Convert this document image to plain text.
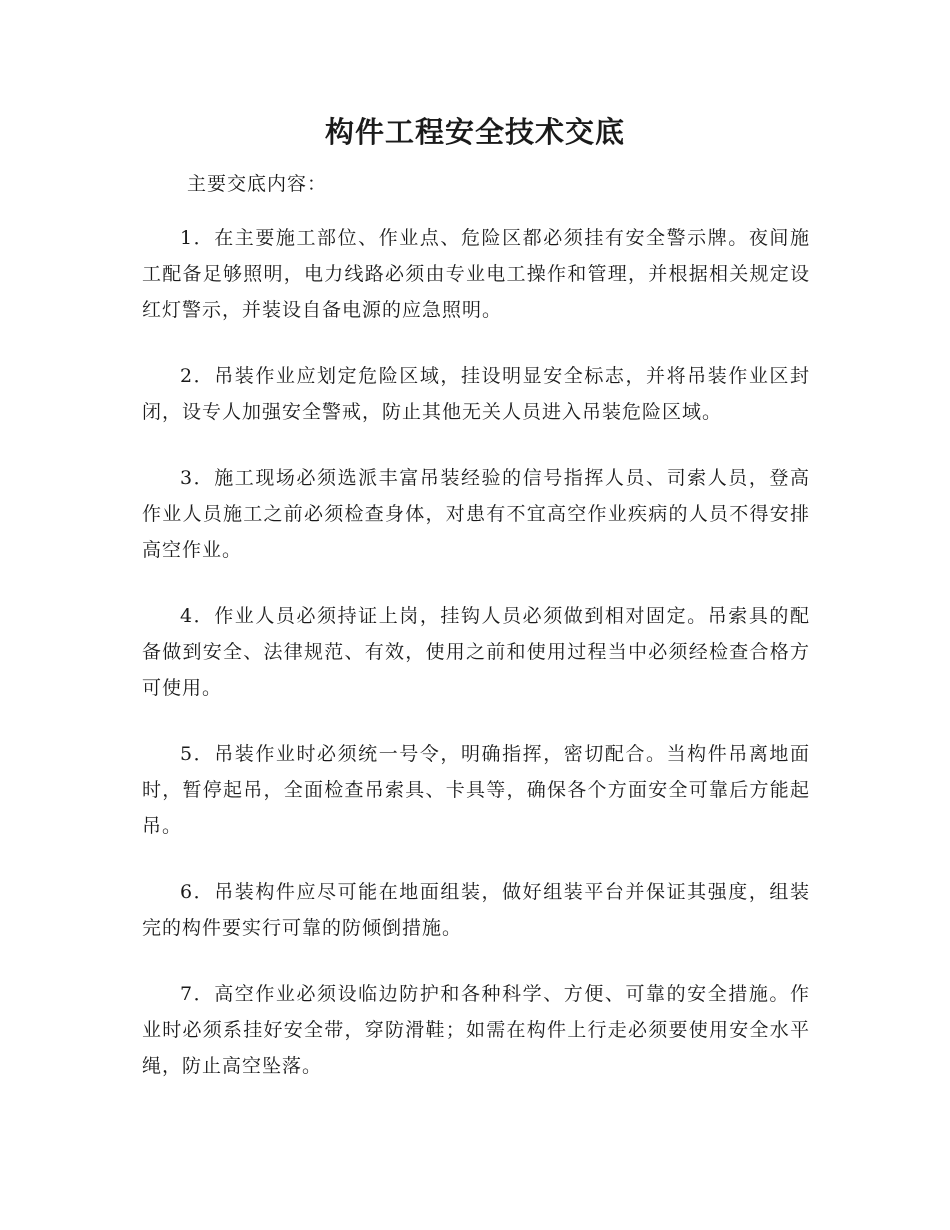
构件工程安全技术交底

主要交底内容：

1．在主要施工部位、作业点、危险区都必须挂有安全警示牌。夜间施工配备足够照明，电力线路必须由专业电工操作和管理，并根据相关规定设红灯警示，并装设自备电源的应急照明。
2．吊装作业应划定危险区域，挂设明显安全标志，并将吊装作业区封闭，设专人加强安全警戒，防止其他无关人员进入吊装危险区域。
3．施工现场必须选派丰富吊装经验的信号指挥人员、司索人员，登高作业人员施工之前必须检查身体，对患有不宜高空作业疾病的人员不得安排高空作业。
4．作业人员必须持证上岗，挂钩人员必须做到相对固定。吊索具的配备做到安全、法律规范、有效，使用之前和使用过程当中必须经检查合格方可使用。
5．吊装作业时必须统一号令，明确指挥，密切配合。当构件吊离地面时，暂停起吊，全面检查吊索具、卡具等，确保各个方面安全可靠后方能起吊。
6．吊装构件应尽可能在地面组装，做好组装平台并保证其强度，组装完的构件要实行可靠的防倾倒措施。
7．高空作业必须设临边防护和各种科学、方便、可靠的安全措施。作业时必须系挂好安全带，穿防滑鞋；如需在构件上行走必须要使用安全水平绳，防止高空坠落。
